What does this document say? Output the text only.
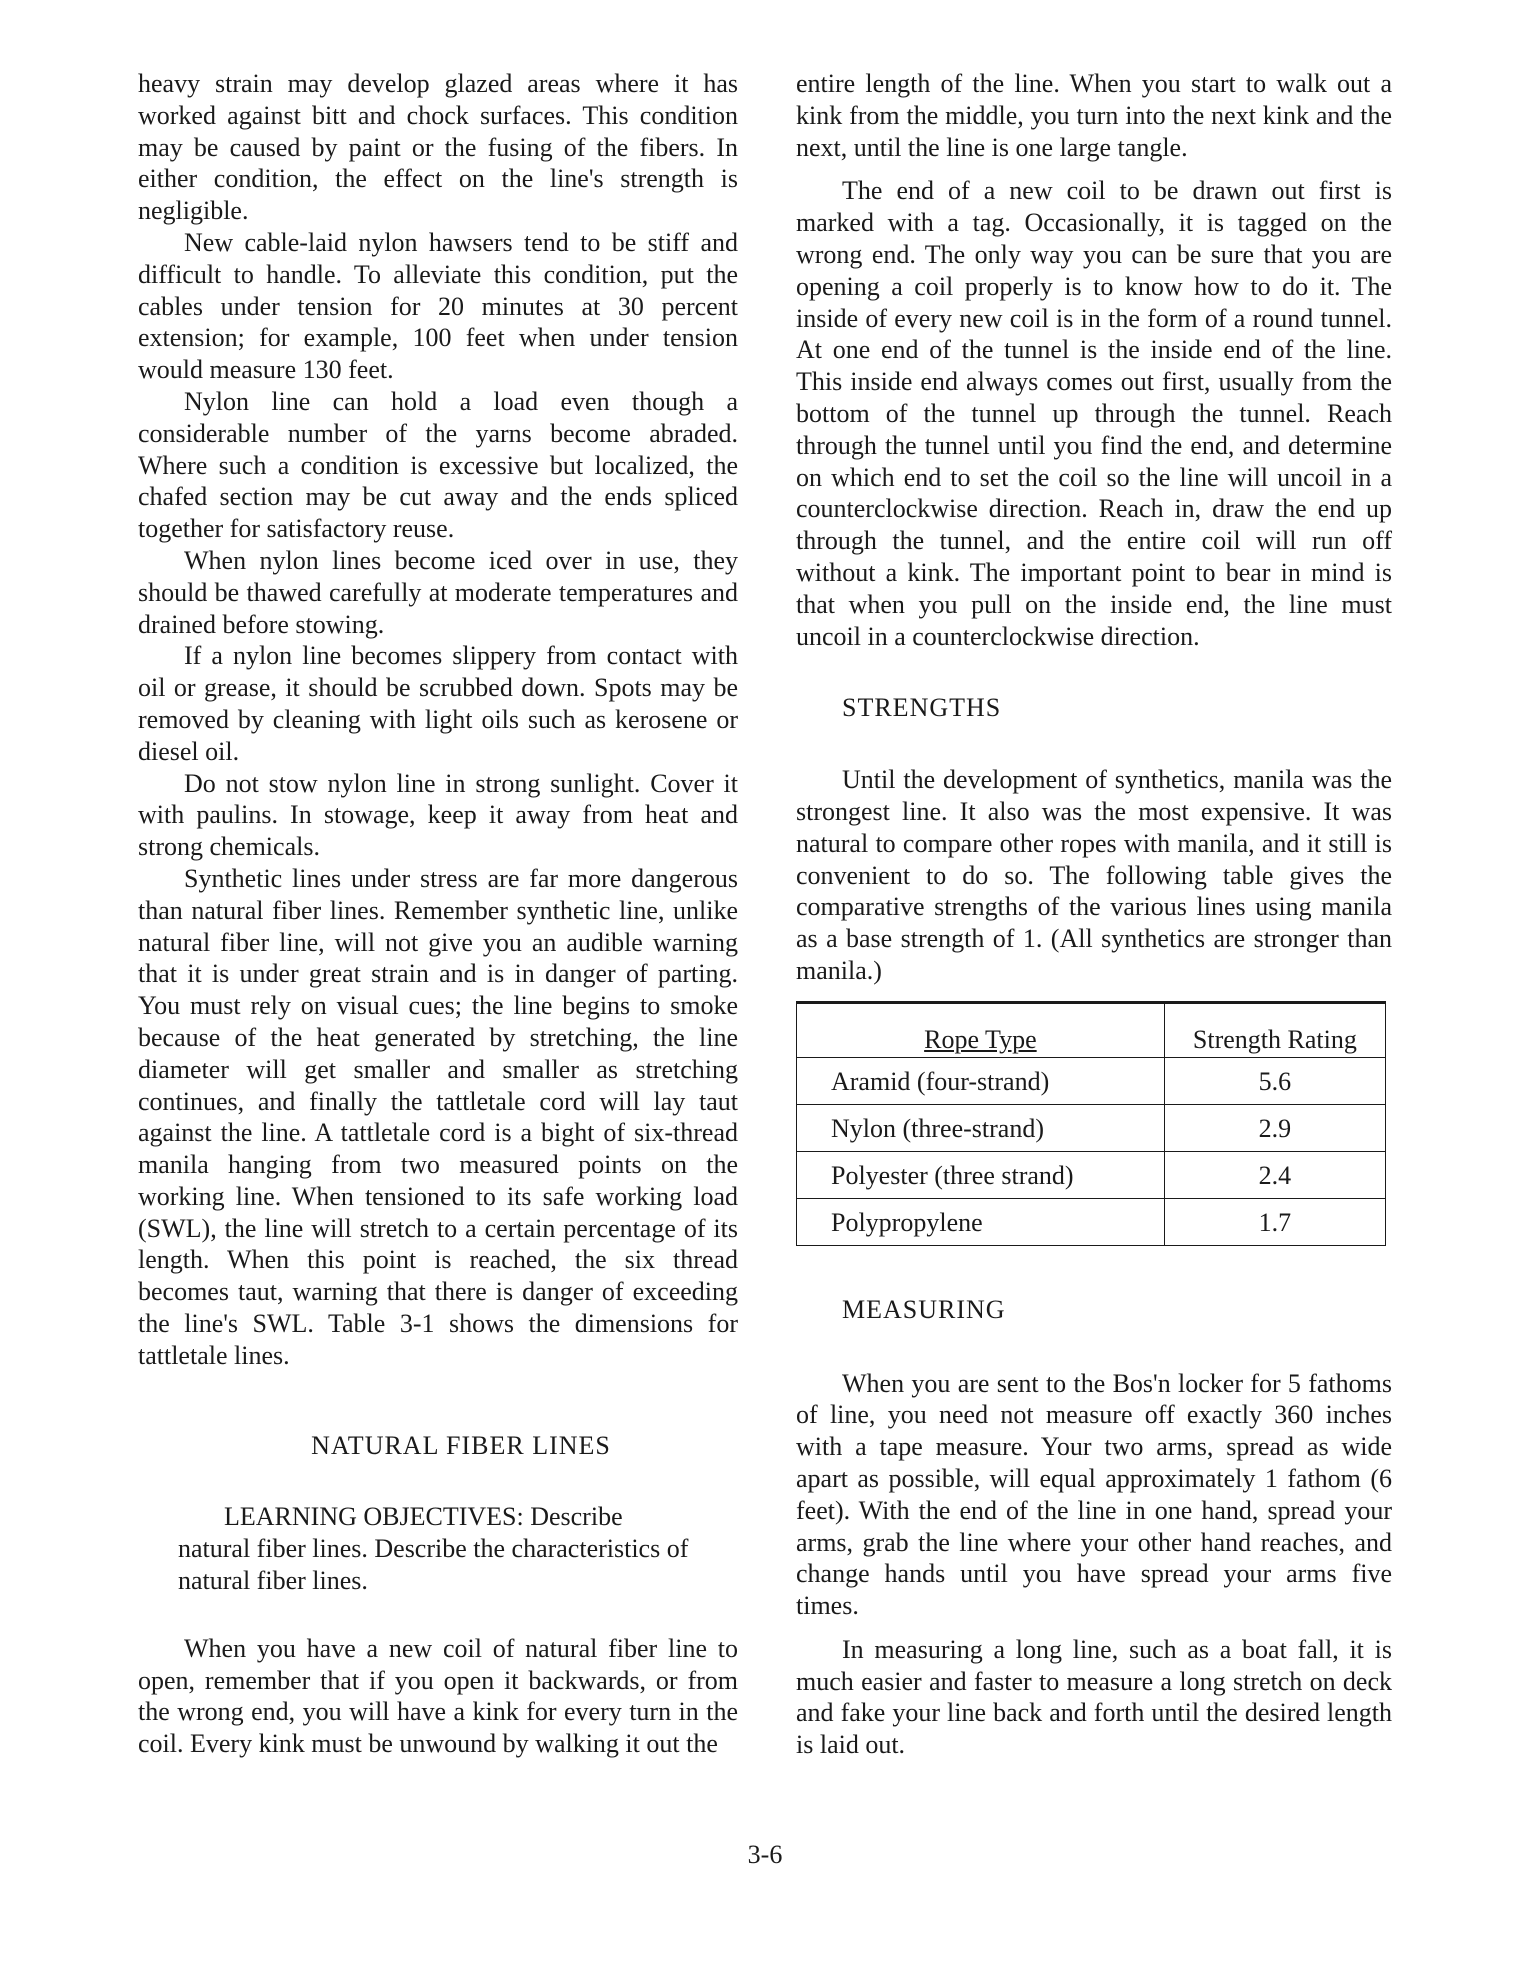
heavy strain may develop glazed areas where it has worked against bitt and chock surfaces. This condition may be caused by paint or the fusing of the fibers. In either condition, the effect on the line's strength is negligible.

New cable-laid nylon hawsers tend to be stiff and difficult to handle. To alleviate this condition, put the cables under tension for 20 minutes at 30 percent extension; for example, 100 feet when under tension would measure 130 feet.

Nylon line can hold a load even though a considerable number of the yarns become abraded. Where such a condition is excessive but localized, the chafed section may be cut away and the ends spliced together for satisfactory reuse.

When nylon lines become iced over in use, they should be thawed carefully at moderate temperatures and drained before stowing.

If a nylon line becomes slippery from contact with oil or grease, it should be scrubbed down. Spots may be removed by cleaning with light oils such as kerosene or diesel oil.

Do not stow nylon line in strong sunlight. Cover it with paulins. In stowage, keep it away from heat and strong chemicals.

Synthetic lines under stress are far more dangerous than natural fiber lines. Remember synthetic line, unlike natural fiber line, will not give you an audible warning that it is under great strain and is in danger of parting. You must rely on visual cues; the line begins to smoke because of the heat generated by stretching, the line diameter will get smaller and smaller as stretching continues, and finally the tattletale cord will lay taut against the line. A tattletale cord is a bight of six-thread manila hanging from two measured points on the working line. When tensioned to its safe working load (SWL), the line will stretch to a certain percentage of its length. When this point is reached, the six thread becomes taut, warning that there is danger of exceeding the line's SWL. Table 3-1 shows the dimensions for tattletale lines.

NATURAL FIBER LINES

LEARNING OBJECTIVES: Describe natural fiber lines. Describe the characteristics of natural fiber lines.

When you have a new coil of natural fiber line to open, remember that if you open it backwards, or from the wrong end, you will have a kink for every turn in the coil. Every kink must be unwound by walking it out the

entire length of the line. When you start to walk out a kink from the middle, you turn into the next kink and the next, until the line is one large tangle.

The end of a new coil to be drawn out first is marked with a tag. Occasionally, it is tagged on the wrong end. The only way you can be sure that you are opening a coil properly is to know how to do it. The inside of every new coil is in the form of a round tunnel. At one end of the tunnel is the inside end of the line. This inside end always comes out first, usually from the bottom of the tunnel up through the tunnel. Reach through the tunnel until you find the end, and determine on which end to set the coil so the line will uncoil in a counterclockwise direction. Reach in, draw the end up through the tunnel, and the entire coil will run off without a kink. The important point to bear in mind is that when you pull on the inside end, the line must uncoil in a counterclockwise direction.

STRENGTHS

Until the development of synthetics, manila was the strongest line. It also was the most expensive. It was natural to compare other ropes with manila, and it still is convenient to do so. The following table gives the comparative strengths of the various lines using manila as a base strength of 1. (All synthetics are stronger than manila.)

Rope Type	Strength Rating
Aramid (four-strand)	5.6
Nylon (three-strand)	2.9
Polyester (three strand)	2.4
Polypropylene	1.7

MEASURING

When you are sent to the Bos'n locker for 5 fathoms of line, you need not measure off exactly 360 inches with a tape measure. Your two arms, spread as wide apart as possible, will equal approximately 1 fathom (6 feet). With the end of the line in one hand, spread your arms, grab the line where your other hand reaches, and change hands until you have spread your arms five times.

In measuring a long line, such as a boat fall, it is much easier and faster to measure a long stretch on deck and fake your line back and forth until the desired length is laid out.

3-6
